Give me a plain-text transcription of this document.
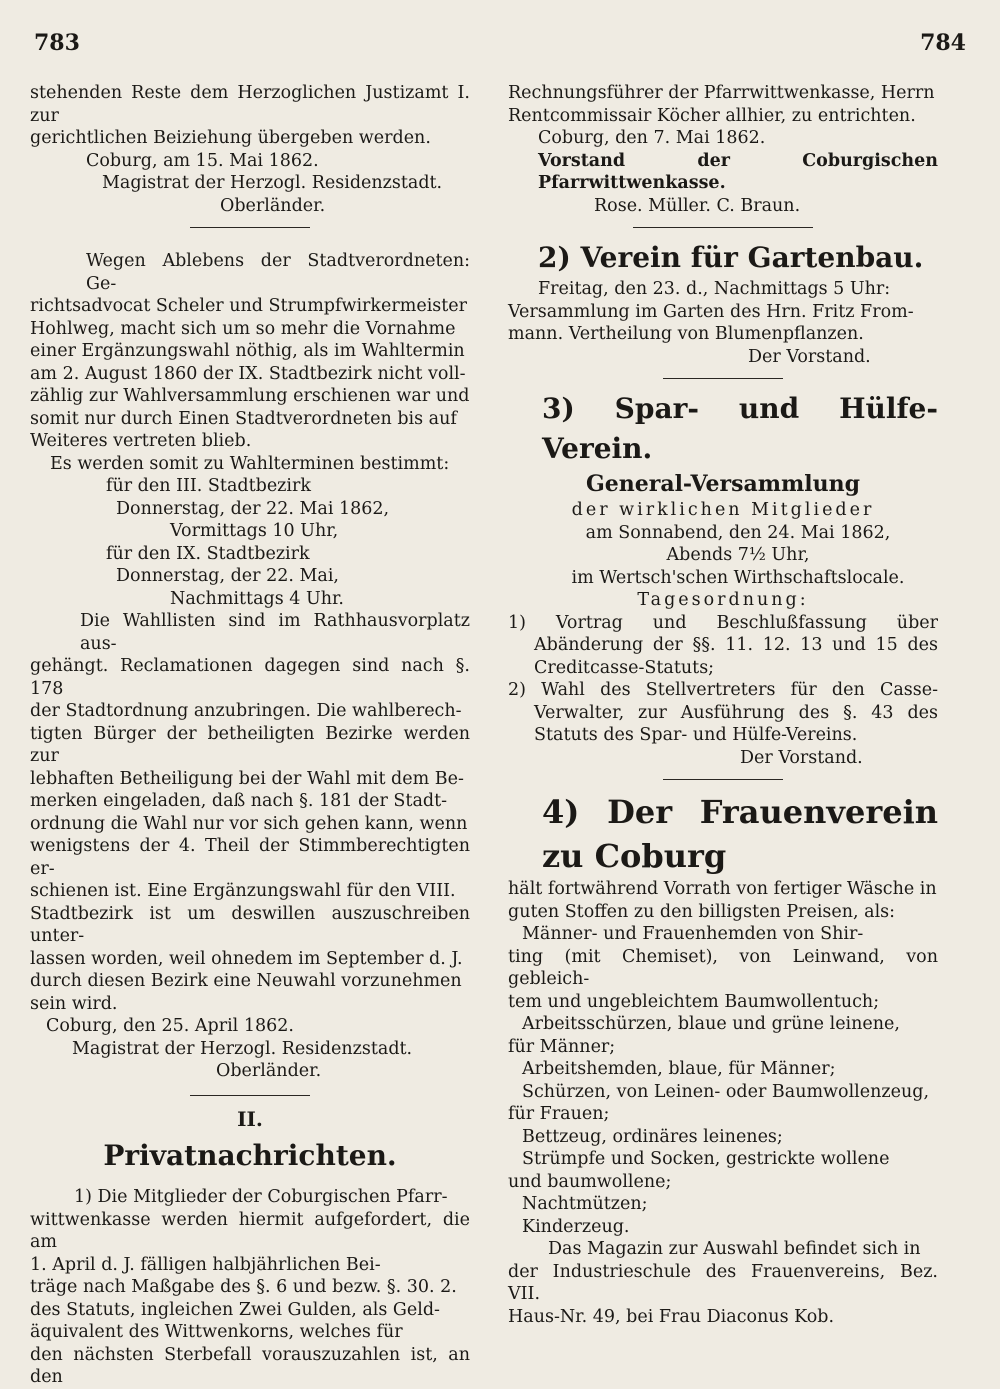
783	784

stehenden Reste dem Herzoglichen Justizamt I. zur

gerichtlichen Beiziehung übergeben werden.

Coburg, am 15. Mai 1862.

Magistrat der Herzogl. Residenzstadt.

Oberländer.

Wegen Ablebens der Stadtverordneten: Ge-

richtsadvocat Scheler und Strumpfwirkermeister

Hohlweg, macht sich um so mehr die Vornahme

einer Ergänzungswahl nöthig, als im Wahltermin

am 2. August 1860 der IX. Stadtbezirk nicht voll-

zählig zur Wahlversammlung erschienen war und

somit nur durch Einen Stadtverordneten bis auf

Weiteres vertreten blieb.

Es werden somit zu Wahlterminen bestimmt:

für den III. Stadtbezirk

Donnerstag, der 22. Mai 1862,

Vormittags 10 Uhr,

für den IX. Stadtbezirk

Donnerstag, der 22. Mai,

Nachmittags 4 Uhr.

Die Wahllisten sind im Rathhausvorplatz aus-

gehängt. Reclamationen dagegen sind nach §. 178

der Stadtordnung anzubringen. Die wahlberech-

tigten Bürger der betheiligten Bezirke werden zur

lebhaften Betheiligung bei der Wahl mit dem Be-

merken eingeladen, daß nach §. 181 der Stadt-

ordnung die Wahl nur vor sich gehen kann, wenn

wenigstens der 4. Theil der Stimmberechtigten er-

schienen ist. Eine Ergänzungswahl für den VIII.

Stadtbezirk ist um deswillen auszuschreiben unter-

lassen worden, weil ohnedem im September d. J.

durch diesen Bezirk eine Neuwahl vorzunehmen

sein wird.

Coburg, den 25. April 1862.

Magistrat der Herzogl. Residenzstadt.

Oberländer.

II.

Privatnachrichten.

1) Die Mitglieder der Coburgischen Pfarr-

wittwenkasse werden hiermit aufgefordert, die am

1. April d. J. fälligen halbjährlichen Bei-

träge nach Maßgabe des §. 6 und bezw. §. 30. 2.

des Statuts, ingleichen Zwei Gulden, als Geld-

äquivalent des Wittwenkorns, welches für

den nächsten Sterbefall vorauszuzahlen ist, an den

Rechnungsführer der Pfarrwittwenkasse, Herrn

Rentcommissair Köcher allhier, zu entrichten.

Coburg, den 7. Mai 1862.

Vorstand der Coburgischen Pfarrwittwenkasse.

Rose. Müller. C. Braun.

2) Verein für Gartenbau.

Freitag, den 23. d., Nachmittags 5 Uhr:

Versammlung im Garten des Hrn. Fritz From-

mann. Vertheilung von Blumenpflanzen.

Der Vorstand.

3) Spar- und Hülfe-Verein.

General-Versammlung

der wirklichen Mitglieder

am Sonnabend, den 24. Mai 1862,

Abends 7½ Uhr,

im Wertsch'schen Wirthschaftslocale.

Tagesordnung:

1) Vortrag und Beschlußfassung über Abänderung der §§. 11. 12. 13 und 15 des Creditcasse-Statuts;

2) Wahl des Stellvertreters für den Casse-Verwalter, zur Ausführung des §. 43 des Statuts des Spar- und Hülfe-Vereins.

Der Vorstand.

4) Der Frauenverein zu Coburg

hält fortwährend Vorrath von fertiger Wäsche in

guten Stoffen zu den billigsten Preisen, als:

Männer- und Frauenhemden von Shir-

ting (mit Chemiset), von Leinwand, von gebleich-

tem und ungebleichtem Baumwollentuch;

Arbeitsschürzen, blaue und grüne leinene,

für Männer;

Arbeitshemden, blaue, für Männer;

Schürzen, von Leinen- oder Baumwollenzeug,

für Frauen;

Bettzeug, ordinäres leinenes;

Strümpfe und Socken, gestrickte wollene

und baumwollene;

Nachtmützen;

Kinderzeug.

Das Magazin zur Auswahl befindet sich in

der Industrieschule des Frauenvereins, Bez. VII.

Haus-Nr. 49, bei Frau Diaconus Kob.
